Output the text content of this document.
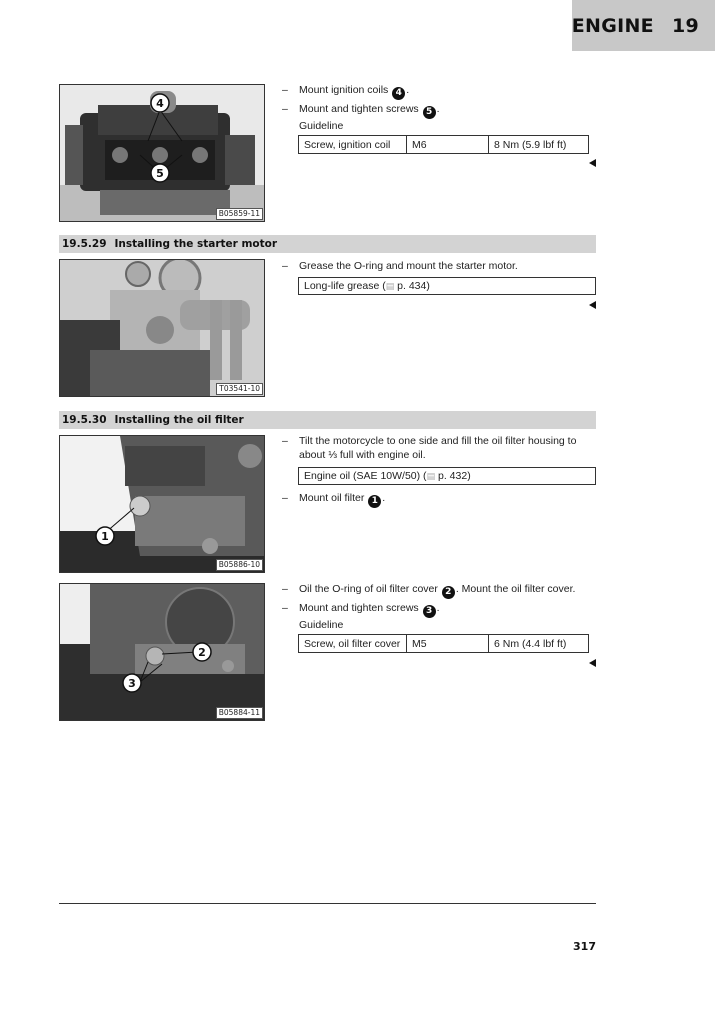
ENGINE 19
4
5
B05859-11
– Mount ignition coils 4 .
– Mount and tighten screws 5 .
Guideline
Screw, ignition coil	M6	8 Nm (5.9 lbf ft)
19.5.29 Installing the starter motor
T03541-10
– Grease the O-ring and mount the starter motor.
Long-life grease (▤ p. 434)
19.5.30 Installing the oil filter
1
B05886-10
– Tilt the motorcycle to one side and fill the oil filter housing to about ⅓ full with engine oil.
Engine oil (SAE 10W/50) (▤ p. 432)
– Mount oil filter 1 .
2
3
B05884-11
– Oil the O-ring of oil filter cover 2 . Mount the oil filter cover.
– Mount and tighten screws 3 .
Guideline
Screw, oil filter cover	M5	6 Nm (4.4 lbf ft)
317
